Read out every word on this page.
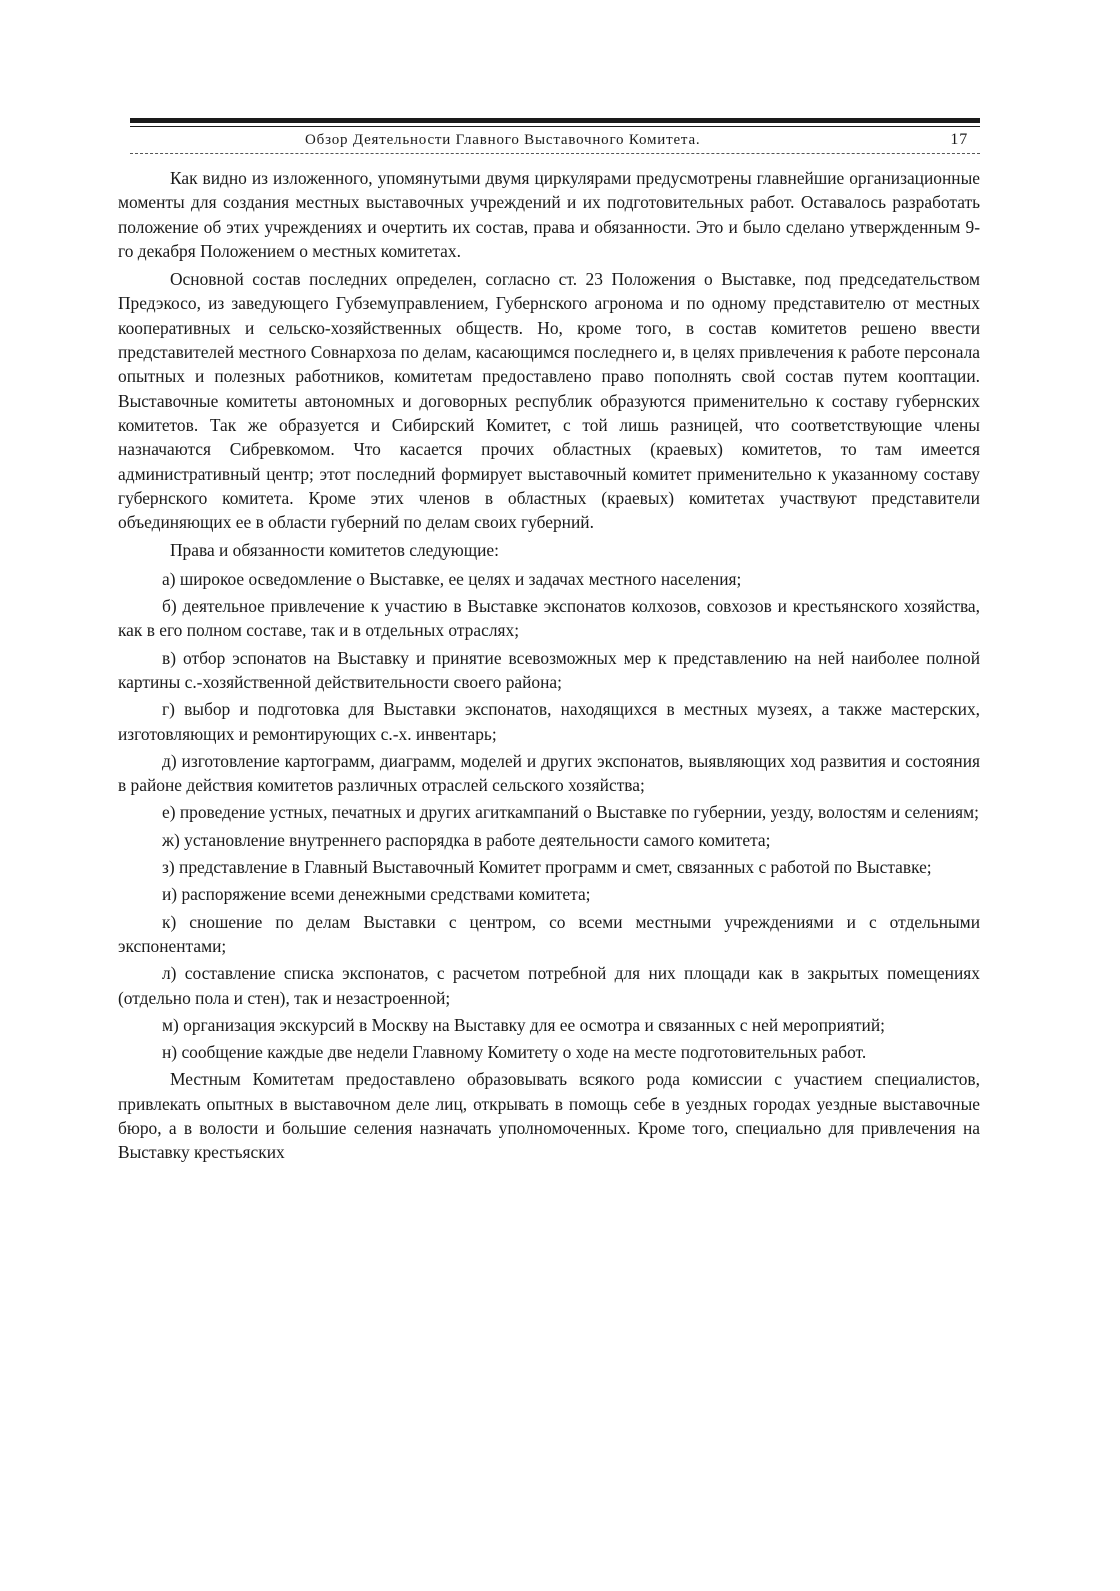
Обзор Деятельности Главного Выставочного Комитета.	17

Как видно из изложенного, упомянутыми двумя циркулярами предусмотрены главнейшие организационные моменты для создания местных выставочных учреждений и их подготовительных работ. Оставалось разработать положение об этих учреждениях и очертить их состав, права и обязанности. Это и было сделано утвержденным 9-го декабря Положением о местных комитетах.

Основной состав последних определен, согласно ст. 23 Положения о Выставке, под председательством Предэкосо, из заведующего Губземуправлением, Губернского агронома и по одному представителю от местных кооперативных и сельско-хозяйственных обществ. Но, кроме того, в состав комитетов решено ввести представителей местного Совнархоза по делам, касающимся последнего и, в целях привлечения к работе персонала опытных и полезных работников, комитетам предоставлено право пополнять свой состав путем кооптации. Выставочные комитеты автономных и договорных республик образуются применительно к составу губернских комитетов. Так же образуется и Сибирский Комитет, с той лишь разницей, что соответствующие члены назначаются Сибревкомом. Что касается прочих областных (краевых) комитетов, то там имеется административный центр; этот последний формирует выставочный комитет применительно к указанному составу губернского комитета. Кроме этих членов в областных (краевых) комитетах участвуют представители объединяющих ее в области губерний по делам своих губерний.

Права и обязанности комитетов следующие:

а) широкое осведомление о Выставке, ее целях и задачах местного населения;

б) деятельное привлечение к участию в Выставке экспонатов колхозов, совхозов и крестьянского хозяйства, как в его полном составе, так и в отдельных отраслях;

в) отбор эспонатов на Выставку и принятие всевозможных мер к представлению на ней наиболее полной картины с.-хозяйственной действительности своего района;

г) выбор и подготовка для Выставки экспонатов, находящихся в местных музеях, а также мастерских, изготовляющих и ремонтирующих с.-х. инвентарь;

д) изготовление картограмм, диаграмм, моделей и других экспонатов, выявляющих ход развития и состояния в районе действия комитетов различных отраслей сельского хозяйства;

е) проведение устных, печатных и других агиткампаний о Выставке по губернии, уезду, волостям и селениям;

ж) установление внутреннего распорядка в работе деятельности самого комитета;

з) представление в Главный Выставочный Комитет программ и смет, связанных с работой по Выставке;

и) распоряжение всеми денежными средствами комитета;

к) сношение по делам Выставки с центром, со всеми местными учреждениями и с отдельными экспонентами;

л) составление списка экспонатов, с расчетом потребной для них площади как в закрытых помещениях (отдельно пола и стен), так и незастроенной;

м) организация экскурсий в Москву на Выставку для ее осмотра и связанных с ней мероприятий;

н) сообщение каждые две недели Главному Комитету о ходе на месте подготовительных работ.

Местным Комитетам предоставлено образовывать всякого рода комиссии с участием специалистов, привлекать опытных в выставочном деле лиц, открывать в помощь себе в уездных городах уездные выставочные бюро, а в волости и большие селения назначать уполномоченных. Кроме того, специально для привлечения на Выставку крестьяских
